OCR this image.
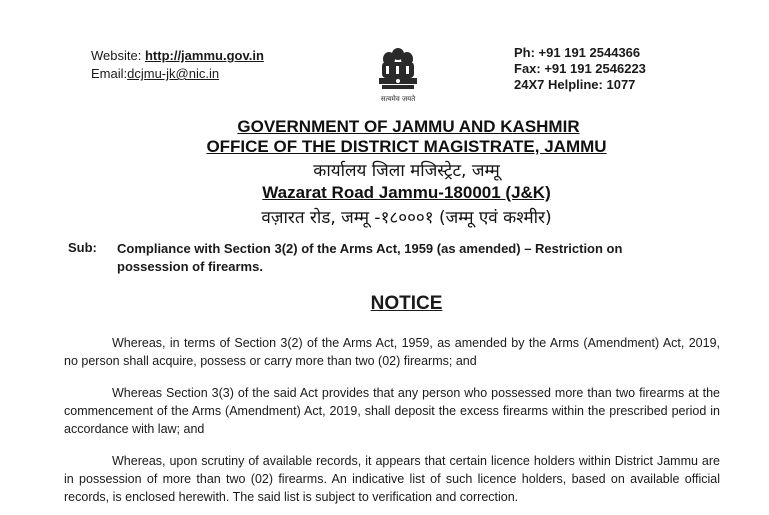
Website: http://jammu.gov.in
Email:dcjmu-jk@nic.in
सत्यमेव जयते
Ph: +91 191 2544366
Fax: +91 191 2546223
24X7 Helpline: 1077
GOVERNMENT OF JAMMU AND KASHMIR
OFFICE OF THE DISTRICT MAGISTRATE, JAMMU
कार्यालय जिला मजिस्ट्रेट, जम्मू
Wazarat Road Jammu-180001 (J&K)
वज़ारत रोड, जम्मू -१८०००१ (जम्मू एवं कश्मीर)
Sub: Compliance with Section 3(2) of the Arms Act, 1959 (as amended) – Restriction on possession of firearms.
NOTICE
Whereas, in terms of Section 3(2) of the Arms Act, 1959, as amended by the Arms (Amendment) Act, 2019, no person shall acquire, possess or carry more than two (02) firearms; and
Whereas Section 3(3) of the said Act provides that any person who possessed more than two firearms at the commencement of the Arms (Amendment) Act, 2019, shall deposit the excess firearms within the prescribed period in accordance with law; and
Whereas, upon scrutiny of available records, it appears that certain licence holders within District Jammu are in possession of more than two (02) firearms. An indicative list of such licence holders, based on available official records, is enclosed herewith. The said list is subject to verification and correction.
